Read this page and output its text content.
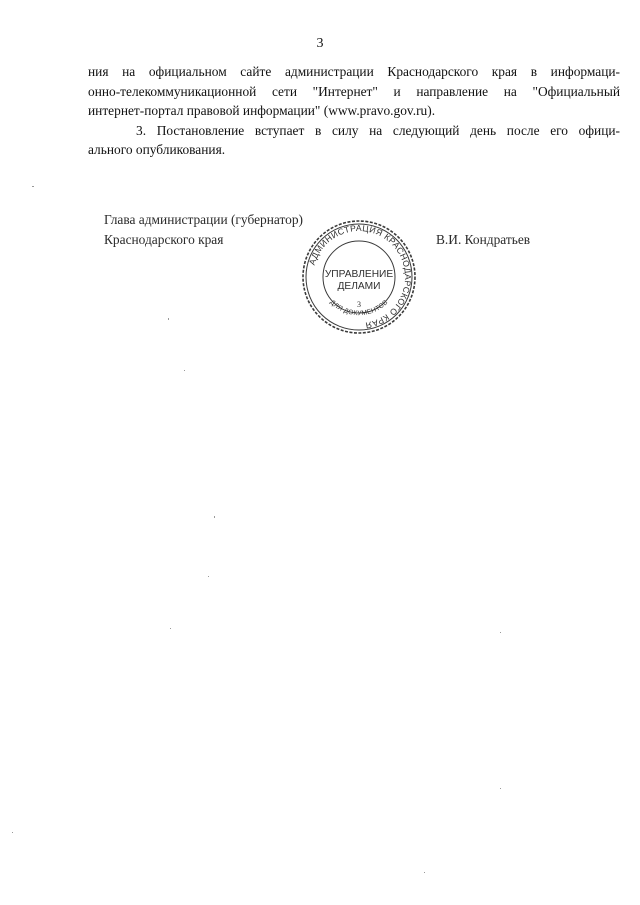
3

ния на официальном сайте администрации Краснодарского края в информаци-
онно-телекоммуникационной сети "Интернет" и направление на "Официальный
интернет-портал правовой информации" (www.pravo.gov.ru).

3. Постановление вступает в силу на следующий день после его офици-
ального опубликования.

Глава администрации (губернатор)
Краснодарского края	В.И. Кондратьев
АДМИНИСТРАЦИЯ КРАСНОДАРСКОГО КРАЯ
ДЛЯ ДОКУМЕНТОВ
УПРАВЛЕНИЕ
ДЕЛАМИ
3
